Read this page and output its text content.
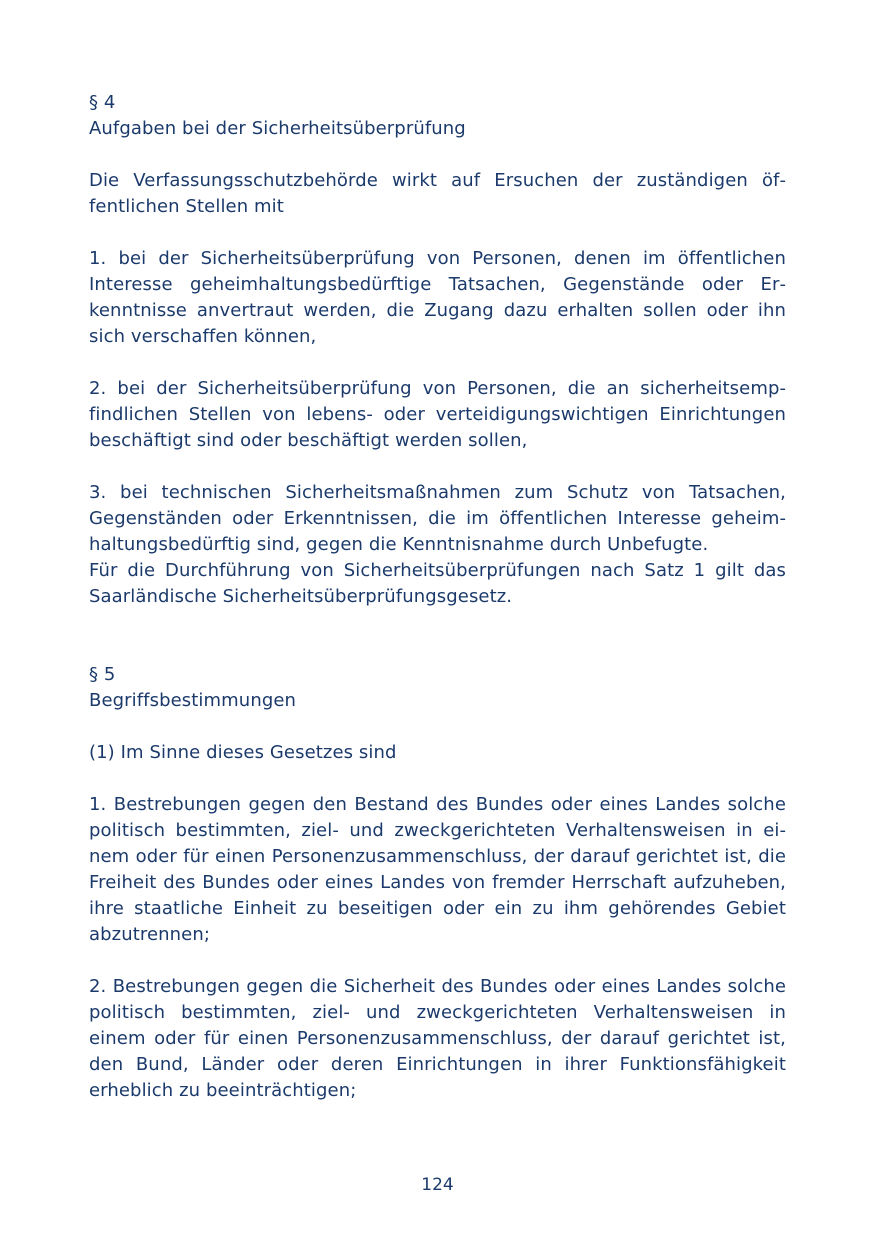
§ 4

Aufgaben bei der Sicherheitsüberprüfung

Die Verfassungsschutzbehörde wirkt auf Ersuchen der zuständigen öffentlichen Stellen mit

1. bei der Sicherheitsüberprüfung von Personen, denen im öffentlichen Interesse geheimhaltungsbedürftige Tatsachen, Gegenstände oder Erkenntnisse anvertraut werden, die Zugang dazu erhalten sollen oder ihn sich verschaffen können,

2. bei der Sicherheitsüberprüfung von Personen, die an sicherheitsempfindlichen Stellen von lebens- oder verteidigungswichtigen Einrichtungen beschäftigt sind oder beschäftigt werden sollen,

3. bei technischen Sicherheitsmaßnahmen zum Schutz von Tatsachen, Gegenständen oder Erkenntnissen, die im öffentlichen Interesse geheimhaltungsbedürftig sind, gegen die Kenntnisnahme durch Unbefugte.

Für die Durchführung von Sicherheitsüberprüfungen nach Satz 1 gilt das Saarländische Sicherheitsüberprüfungsgesetz.

§ 5

Begriffsbestimmungen

(1) Im Sinne dieses Gesetzes sind

1. Bestrebungen gegen den Bestand des Bundes oder eines Landes solche politisch bestimmten, ziel- und zweckgerichteten Verhaltensweisen in einem oder für einen Personenzusammenschluss, der darauf gerichtet ist, die Freiheit des Bundes oder eines Landes von fremder Herrschaft aufzuheben, ihre staatliche Einheit zu beseitigen oder ein zu ihm gehörendes Gebiet abzutrennen;

2. Bestrebungen gegen die Sicherheit des Bundes oder eines Landes solche politisch bestimmten, ziel- und zweckgerichteten Verhaltensweisen in einem oder für einen Personenzusammenschluss, der darauf gerichtet ist, den Bund, Länder oder deren Einrichtungen in ihrer Funktionsfähigkeit erheblich zu beeinträchtigen;

124
